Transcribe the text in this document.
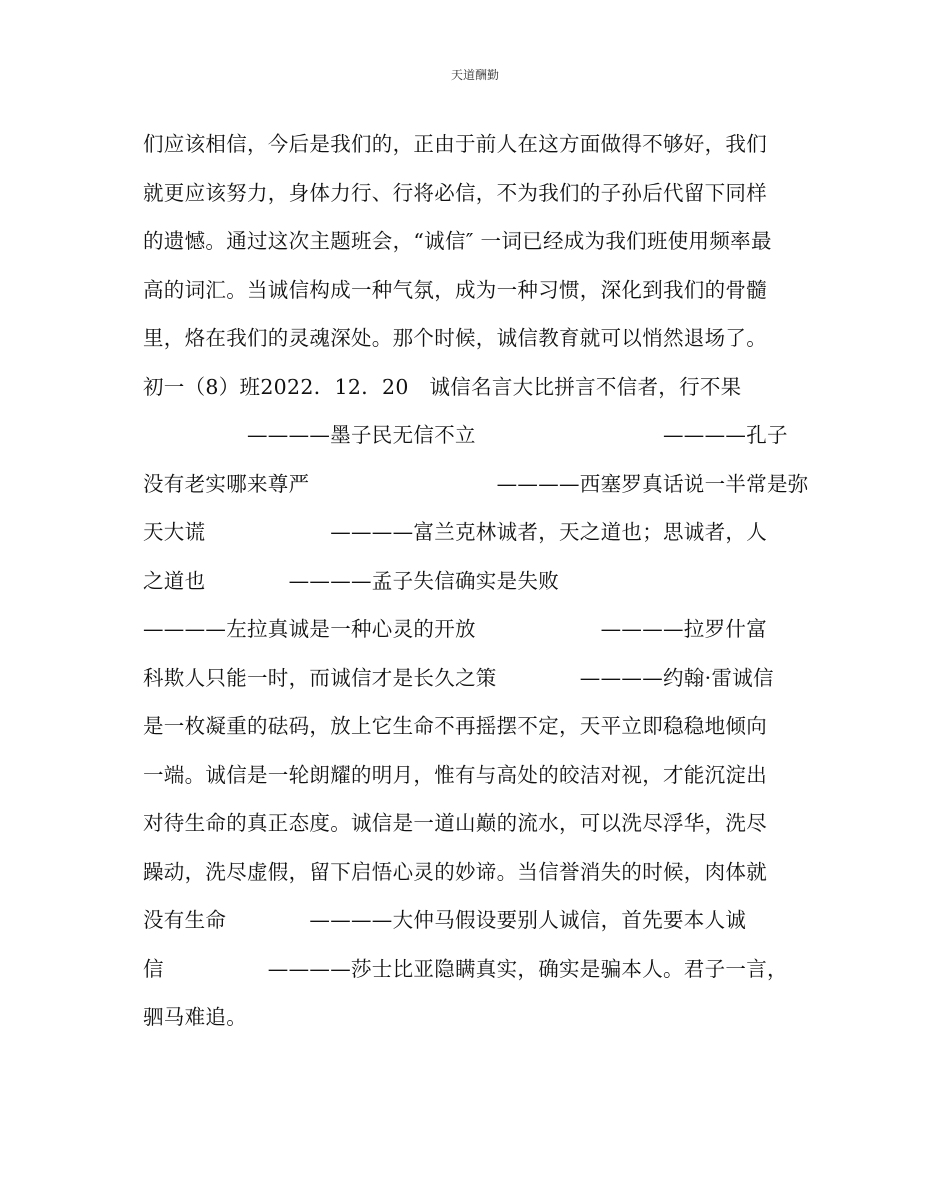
天道酬勤
们应该相信，今后是我们的，正由于前人在这方面做得不够好，我们
就更应该努力，身体力行、行将必信，不为我们的子孙后代留下同样
的遗憾。通过这次主题班会，“诚信″ 一词已经成为我们班使用频率最
高的词汇。当诚信构成一种气氛，成为一种习惯，深化到我们的骨髓
里，烙在我们的灵魂深处。那个时候，诚信教育就可以悄然退场了。
初一（8）班2022．12．20　诚信名言大比拼言不信者，行不果
　　　　　————墨子民无信不立　　　　　　　　　————孔子
没有老实哪来尊严　　　　　　　　　————西塞罗真话说一半常是弥
天大谎　　　　　　————富兰克林诚者，天之道也；思诚者，人
之道也　　　　————孟子失信确实是失败
————左拉真诚是一种心灵的开放　　　　　　————拉罗什富
科欺人只能一时，而诚信才是长久之策　　　　————约翰·雷诚信
是一枚凝重的砝码，放上它生命不再摇摆不定，天平立即稳稳地倾向
一端。诚信是一轮朗耀的明月，惟有与高处的皎洁对视，才能沉淀出
对待生命的真正态度。诚信是一道山巅的流水，可以洗尽浮华，洗尽
躁动，洗尽虚假，留下启悟心灵的妙谛。当信誉消失的时候，肉体就
没有生命　　　　————大仲马假设要别人诚信，首先要本人诚
信　　　　　————莎士比亚隐瞒真实，确实是骗本人。君子一言，
驷马难追。
